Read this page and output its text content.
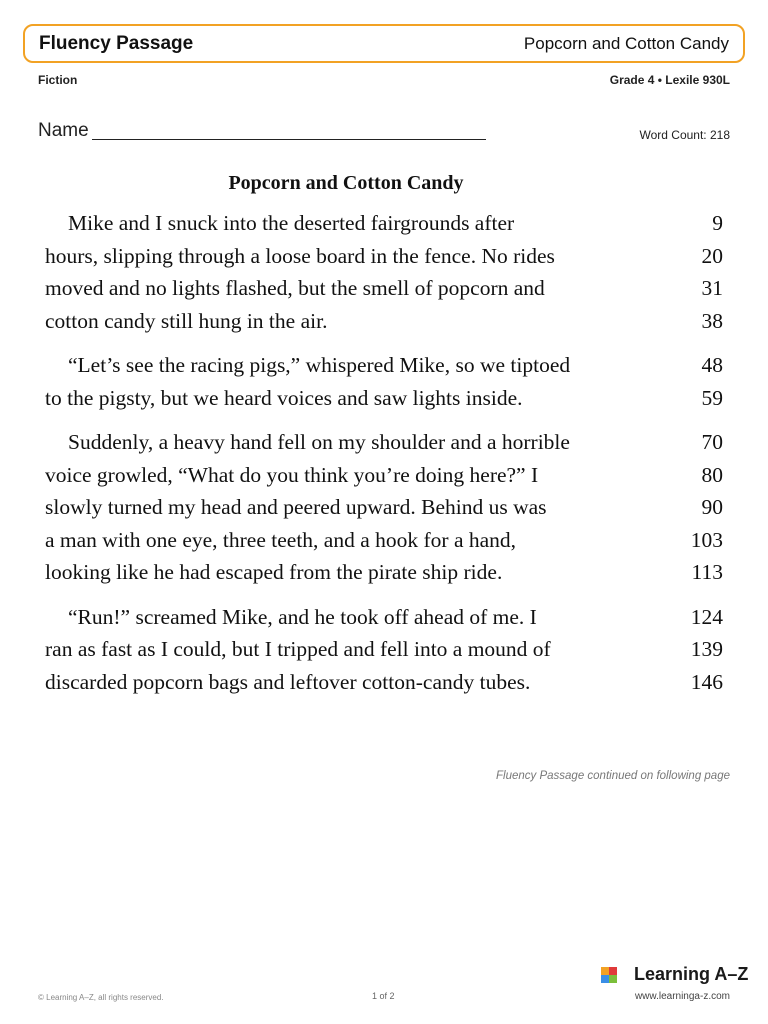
Fluency Passage	Popcorn and Cotton Candy
Fiction	Grade 4 • Lexile 930L
Name	Word Count: 218
Popcorn and Cotton Candy
Mike and I snuck into the deserted fairgrounds after	9
hours, slipping through a loose board in the fence. No rides	20
moved and no lights flashed, but the smell of popcorn and	31
cotton candy still hung in the air.	38
“Let’s see the racing pigs,” whispered Mike, so we tiptoed	48
to the pigsty, but we heard voices and saw lights inside.	59
Suddenly, a heavy hand fell on my shoulder and a horrible	70
voice growled, “What do you think you’re doing here?” I	80
slowly turned my head and peered upward. Behind us was	90
a man with one eye, three teeth, and a hook for a hand,	103
looking like he had escaped from the pirate ship ride.	113
“Run!” screamed Mike, and he took off ahead of me. I	124
ran as fast as I could, but I tripped and fell into a mound of	139
discarded popcorn bags and leftover cotton-candy tubes.	146
Fluency Passage continued on following page
© Learning A–Z, all rights reserved.	1 of 2
Learning A–Z
www.learninga-z.com
